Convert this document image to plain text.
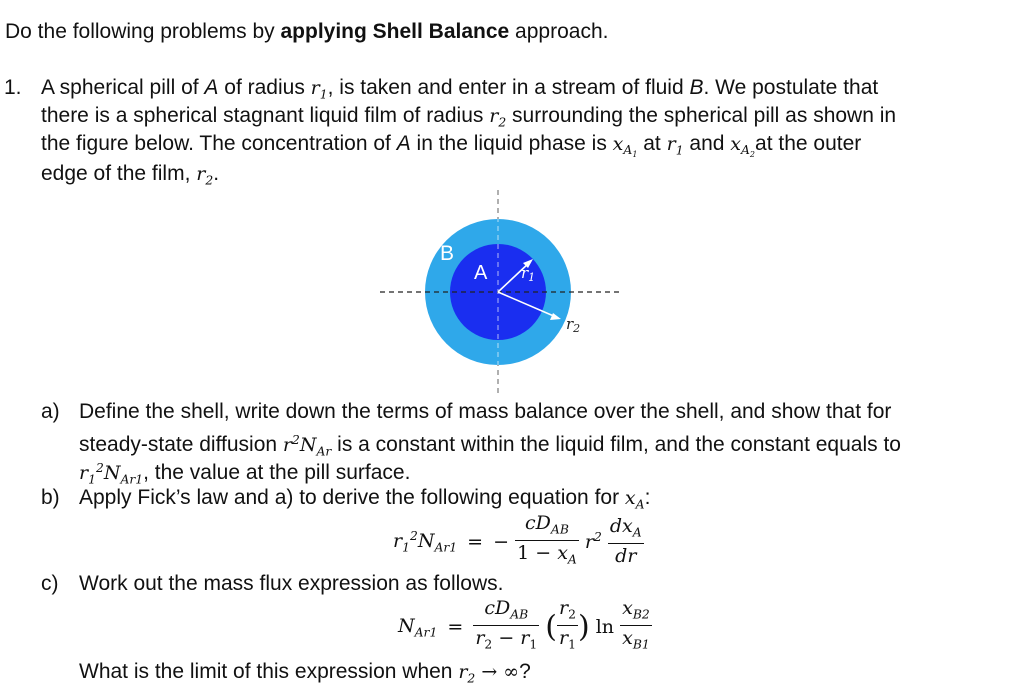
Do the following problems by applying Shell Balance approach.
1. A spherical pill of A of radius $r_1$, is taken and enter in a stream of fluid B. We postulate that
there is a spherical stagnant liquid film of radius $r_2$ surrounding the spherical pill as shown in
the figure below. The concentration of A in the liquid phase is $x_{A_1}$ at $r_1$ and $x_{A_2}at$ the outer
edge of the film, $r_2$.
B
A $r_1$
$r_2$
a) Define the shell, write down the terms of mass balance over the shell, and show that for
steady-state diffusion $r^2N_{Ar}$ is a constant within the liquid film, and the constant equals to
$r_1^2N_{Ar1}$, the value at the pill surface.
b) Apply Fick’s law and a) to derive the following equation for $x_A$:
$r_1^2N_{Ar1}$ = − $\frac{cD_{AB}}{1 - x_A} r^2 \frac{dx_A}{dr}$
c) Work out the mass flux expression as follows.
$N_{Ar1} = \frac{cD_{AB}}{r_2 - r_1}$ ( $\frac{r_2}{r_1}$ ) $\ln \frac{x_{B2}}{x_{B1}}$
What is the limit of this expression when $r_2$ → ∞?
